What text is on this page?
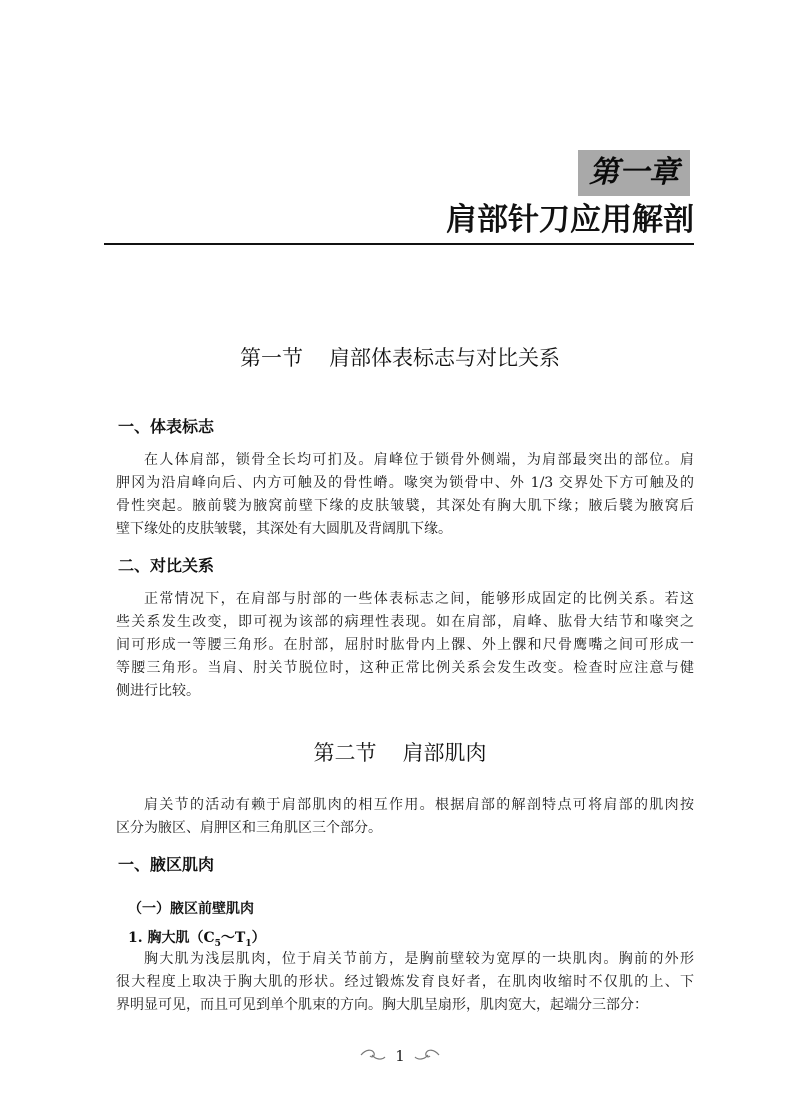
第一章
肩部针刀应用解剖
第一节 肩部体表标志与对比关系
一、体表标志
在人体肩部，锁骨全长均可扪及。肩峰位于锁骨外侧端，为肩部最突出的部位。肩
胛冈为沿肩峰向后、内方可触及的骨性嵴。喙突为锁骨中、外 1/3 交界处下方可触及的
骨性突起。腋前襞为腋窝前壁下缘的皮肤皱襞，其深处有胸大肌下缘；腋后襞为腋窝后
壁下缘处的皮肤皱襞，其深处有大圆肌及背阔肌下缘。
二、对比关系
正常情况下，在肩部与肘部的一些体表标志之间，能够形成固定的比例关系。若这
些关系发生改变，即可视为该部的病理性表现。如在肩部，肩峰、肱骨大结节和喙突之
间可形成一等腰三角形。在肘部，屈肘时肱骨内上髁、外上髁和尺骨鹰嘴之间可形成一
等腰三角形。当肩、肘关节脱位时，这种正常比例关系会发生改变。检查时应注意与健
侧进行比较。
第二节 肩部肌肉
肩关节的活动有赖于肩部肌肉的相互作用。根据肩部的解剖特点可将肩部的肌肉按
区分为腋区、肩胛区和三角肌区三个部分。
一、腋区肌肉
（一）腋区前壁肌肉
1. 胸大肌$(C_5\sim T_1)$
胸大肌为浅层肌肉，位于肩关节前方，是胸前壁较为宽厚的一块肌肉。胸前的外形
很大程度上取决于胸大肌的形状。经过锻炼发育良好者，在肌肉收缩时不仅肌的上、下
界明显可见，而且可见到单个肌束的方向。胸大肌呈扇形，肌肉宽大，起端分三部分：
1
